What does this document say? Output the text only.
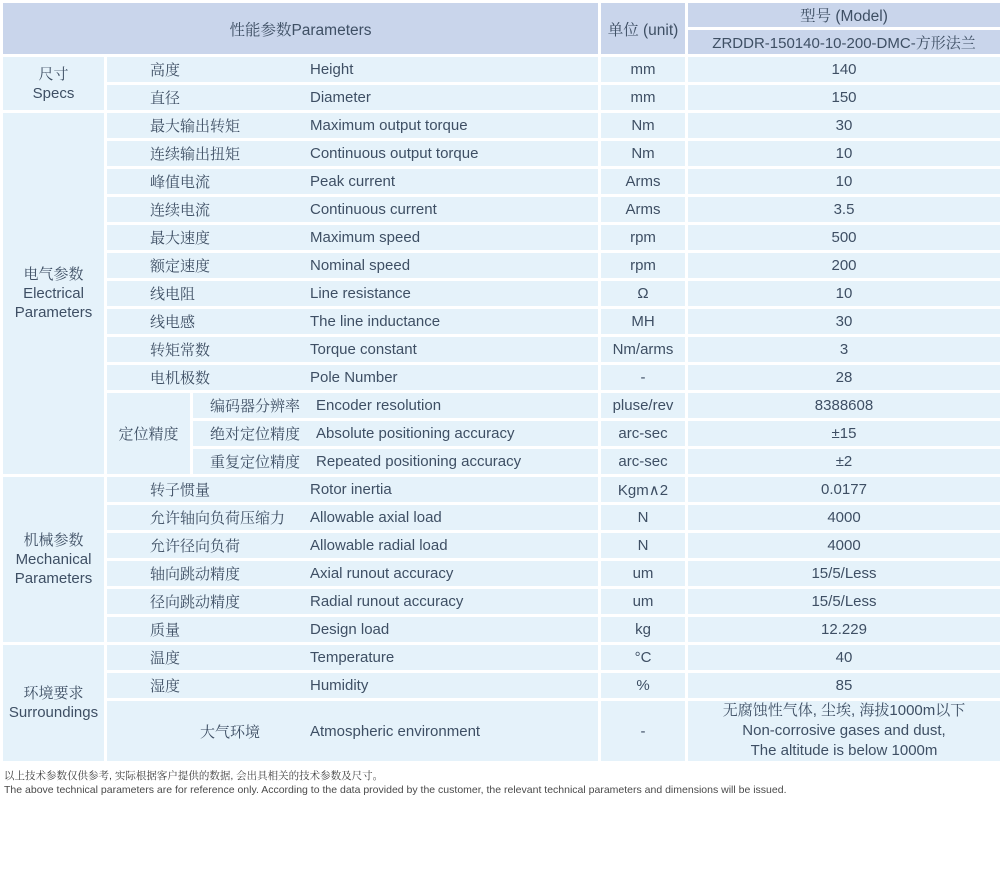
性能参数Parameters			单位 (unit)	型号 (Model)
				ZRDDR-150140-10-200-DMC-方形法兰

尺寸
Specs	高度 Height		mm	140

	直径 Diameter		mm	150

电气参数
Electrical Parameters	最大输出转矩 Maximum output torque		Nm	30

	连续输出扭矩 Continuous output torque		Nm	10

	峰值电流 Peak current		Arms	10

	连续电流 Continuous current		Arms	3.5

	最大速度 Maximum speed		rpm	500

	额定速度 Nominal speed		rpm	200

	线电阻 Line resistance		Ω	10

	线电感 The line inductance		MH	30

	转矩常数 Torque constant		Nm/arms	3

	电机极数 Pole Number		-	28
	定位精度	编码器分辨率 Encoder resolution	pluse/rev	8388608

		绝对定位精度 Absolute positioning accuracy	arc-sec	±15

		重复定位精度 Repeated positioning accuracy	arc-sec	±2

机械参数
Mechanical Parameters	转子惯量 Rotor inertia		Kgm∧2	0.0177

	允许轴向负荷压缩力 Allowable axial load		N	4000

	允许径向负荷 Allowable radial load		N	4000

	轴向跳动精度 Axial runout accuracy		um	15/5/Less

	径向跳动精度 Radial runout accuracy		um	15/5/Less

	质量 Design load		kg	12.229

环境要求
Surroundings	温度 Temperature		°C	40

	湿度 Humidity		%	85

	大气环境 Atmospheric environment		-	无腐蚀性气体, 尘埃, 海拔1000m以下
Non-corrosive gases and dust,
The altitude is below 1000m
以上技术参数仅供参考, 实际根据客户提供的数据, 会出具相关的技术参数及尺寸。
The above technical parameters are for reference only. According to the data provided by the customer, the relevant technical parameters and dimensions will be issued.
